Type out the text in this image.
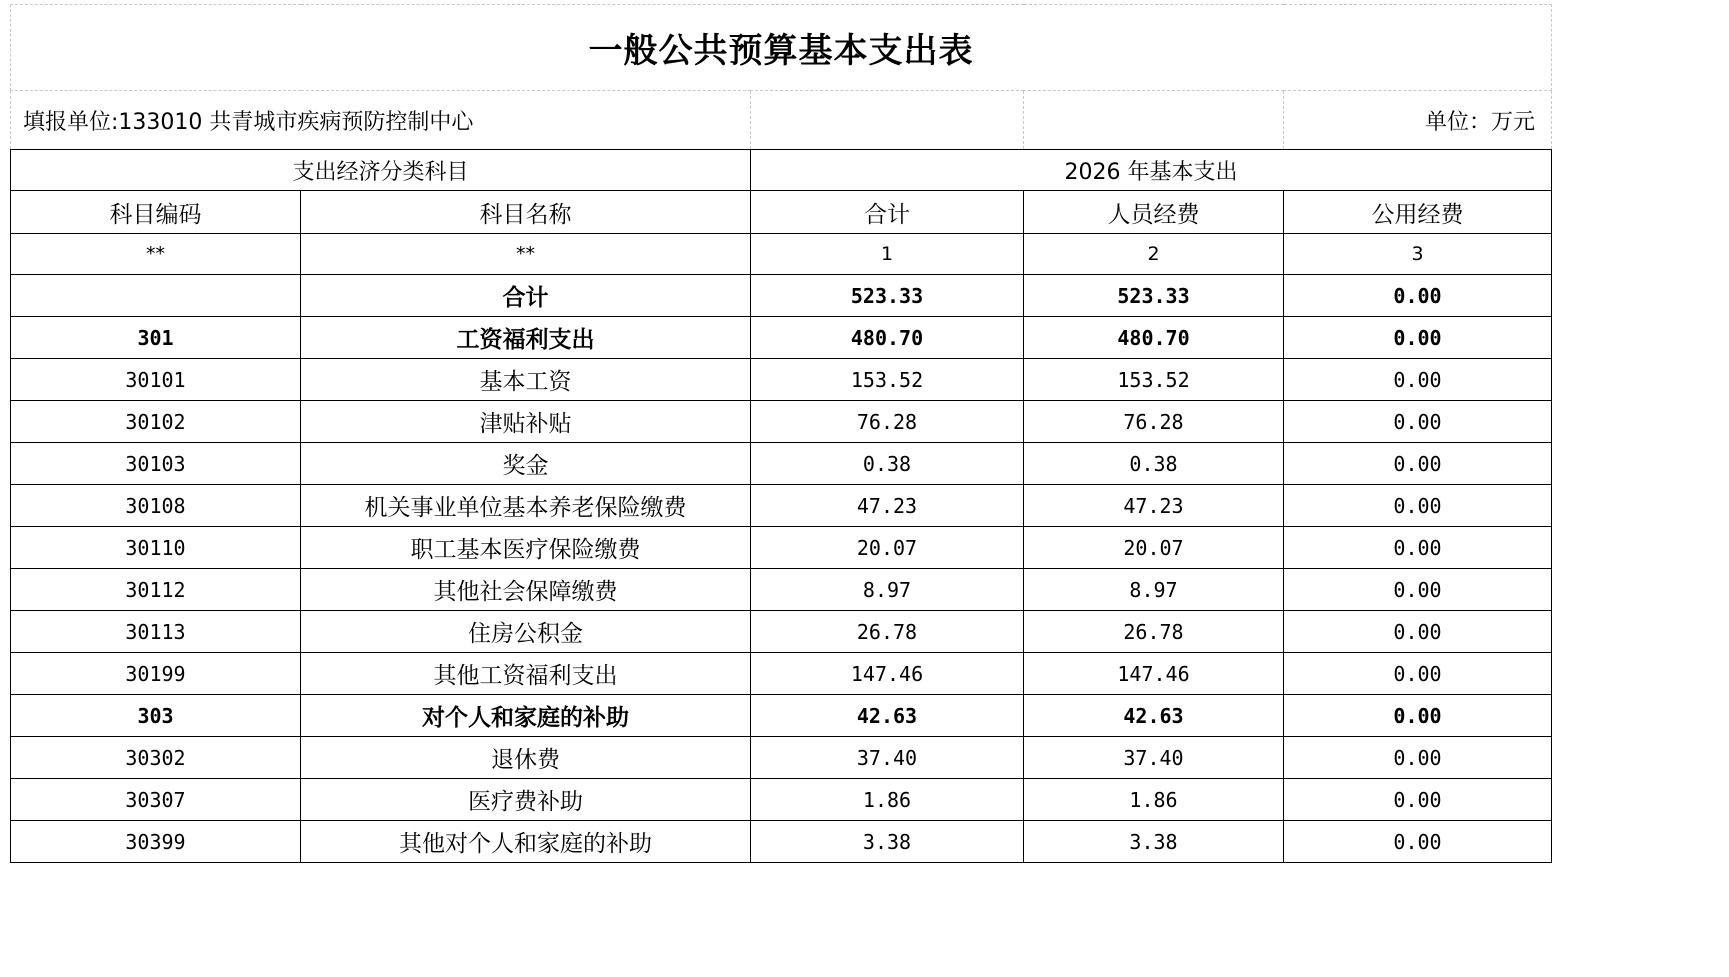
一般公共预算基本支出表				
填报单位:133010 共青城市疾病预防控制中心				单位：万元
支出经济分类科目		2026 年基本支出		
科目编码	科目名称	合计	人员经费	公用经费
**	**	1	2	3
	合计	523.33	523.33	0.00
301	工资福利支出	480.70	480.70	0.00
30101	基本工资	153.52	153.52	0.00
30102	津贴补贴	76.28	76.28	0.00
30103	奖金	0.38	0.38	0.00
30108	机关事业单位基本养老保险缴费	47.23	47.23	0.00
30110	职工基本医疗保险缴费	20.07	20.07	0.00
30112	其他社会保障缴费	8.97	8.97	0.00
30113	住房公积金	26.78	26.78	0.00
30199	其他工资福利支出	147.46	147.46	0.00
303	对个人和家庭的补助	42.63	42.63	0.00
30302	退休费	37.40	37.40	0.00
30307	医疗费补助	1.86	1.86	0.00
30399	其他对个人和家庭的补助	3.38	3.38	0.00
